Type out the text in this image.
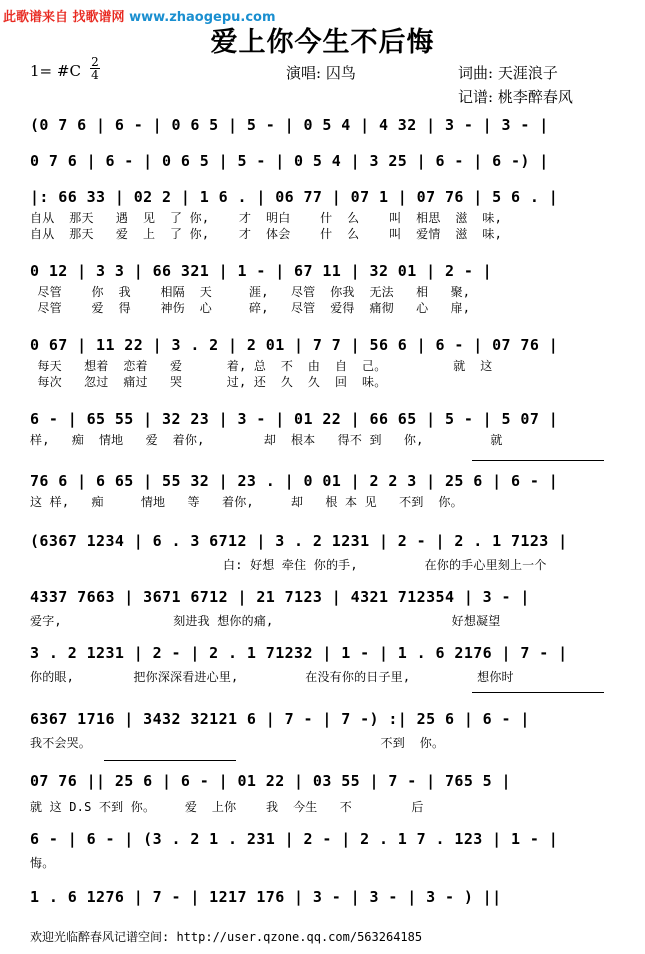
此歌谱来自 找歌谱网 www.zhaogepu.com
爱上你今生不后悔
1= #C 2
4	演唱: 囚鸟	词曲: 天涯浪子
记谱: 桃李醉春风
(0 7 6 | 6 - | 0 6 5 | 5 - | 0 5 4 | 4 32 | 3 - | 3 - |
0 7 6 | 6 - | 0 6 5 | 5 - | 0 5 4 | 3 25 | 6 - | 6 -) |
|: 66 33 | 02 2 | 1 6 . | 06 77 | 07 1 | 07 76 | 5 6 . |
自从  那天   遇  见  了 你,    才  明白    什  么    叫  相思  滋  味,
自从  那天   爱  上  了 你,    才  体会    什  么    叫  爱情  滋  味,
0 12 | 3 3 | 66 321 | 1 - | 67 11 | 32 01 | 2 - |
尽管    你  我    相隔  天     涯,   尽管  你我  无法   相   聚,
尽管    爱  得    神伤  心     碎,   尽管  爱得  痛彻   心   扉,
0 67 | 11 22 | 3 . 2 | 2 01 | 7 7 | 56 6 | 6 - | 07 76 |
每天   想着  恋着   爱      着, 总  不  由  自  己。         就  这
每次   忽过  痛过   哭      过, 还  久  久  回  味。
6 - | 65 55 | 32 23 | 3 - | 01 22 | 66 65 | 5 - | 5 07 |
样,   痴  情地   爱  着你,        却  根本   得不 到   你,         就
76 6 | 6 65 | 55 32 | 23 . | 0 01 | 2 2 3 | 25 6 | 6 - |
这 样,   痴     情地   等   着你,     却   根 本 见   不到  你。
(6367 1234 | 6 . 3 6712 | 3 . 2 1231 | 2 - | 2 . 1 7123 |
白: 好想 牵住 你的手,         在你的手心里刻上一个
4337 7663 | 3671 6712 | 21 7123 | 4321 712354 | 3 - |
爱字,               刻进我 想你的痛,                        好想凝望
3 . 2 1231 | 2 - | 2 . 1 71232 | 1 - | 1 . 6 2176 | 7 - |
你的眼,        把你深深看进心里,         在没有你的日子里,         想你时
6367 1716 | 3432 32121 6 | 7 - | 7 -) :| 25 6 | 6 - |
我不会哭。                                       不到  你。
07 76 || 25 6 | 6 - | 01 22 | 03 55 | 7 - | 765 5 |
就 这 D.S 不到 你。    爱  上你    我  今生   不        后
6 - | 6 - | (3 . 2 1 . 231 | 2 - | 2 . 1 7 . 123 | 1 - |
悔。
1 . 6 1276 | 7 - | 1217 176 | 3 - | 3 - | 3 - ) ||
欢迎光临醉春风记谱空间: http://user.qzone.qq.com/563264185
